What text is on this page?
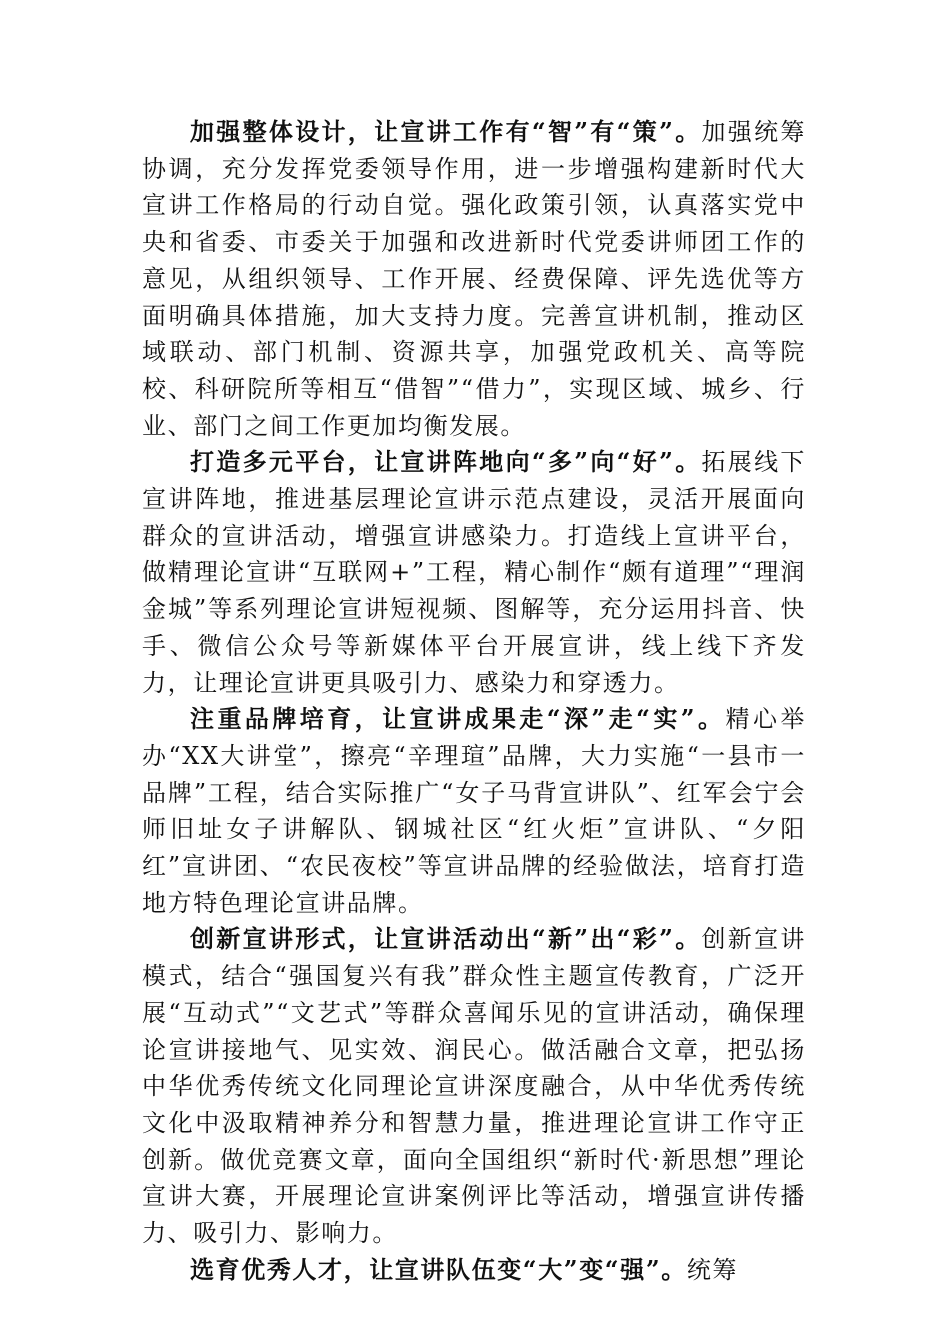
加强整体设计，让宣讲工作有“智”有“策”。加强统筹协调，充分发挥党委领导作用，进一步增强构建新时代大宣讲工作格局的行动自觉。强化政策引领，认真落实党中央和省委、市委关于加强和改进新时代党委讲师团工作的意见，从组织领导、工作开展、经费保障、评先选优等方面明确具体措施，加大支持力度。完善宣讲机制，推动区域联动、部门机制、资源共享，加强党政机关、高等院校、科研院所等相互“借智”“借力”，实现区域、城乡、行业、部门之间工作更加均衡发展。

打造多元平台，让宣讲阵地向“多”向“好”。拓展线下宣讲阵地，推进基层理论宣讲示范点建设，灵活开展面向群众的宣讲活动，增强宣讲感染力。打造线上宣讲平台，做精理论宣讲“互联网+”工程，精心制作“颇有道理”“理润金城”等系列理论宣讲短视频、图解等，充分运用抖音、快手、微信公众号等新媒体平台开展宣讲，线上线下齐发力，让理论宣讲更具吸引力、感染力和穿透力。

注重品牌培育，让宣讲成果走“深”走“实”。精心举办“XX大讲堂”，擦亮“辛理瑄”品牌，大力实施“一县市一品牌”工程，结合实际推广“女子马背宣讲队”、红军会宁会师旧址女子讲解队、钢城社区“红火炬”宣讲队、“夕阳红”宣讲团、“农民夜校”等宣讲品牌的经验做法，培育打造地方特色理论宣讲品牌。

创新宣讲形式，让宣讲活动出“新”出“彩”。创新宣讲模式，结合“强国复兴有我”群众性主题宣传教育，广泛开展“互动式”“文艺式”等群众喜闻乐见的宣讲活动，确保理论宣讲接地气、见实效、润民心。做活融合文章，把弘扬中华优秀传统文化同理论宣讲深度融合，从中华优秀传统文化中汲取精神养分和智慧力量，推进理论宣讲工作守正创新。做优竞赛文章，面向全国组织“新时代·新思想”理论宣讲大赛，开展理论宣讲案例评比等活动，增强宣讲传播力、吸引力、影响力。

选育优秀人才，让宣讲队伍变“大”变“强”。统筹
